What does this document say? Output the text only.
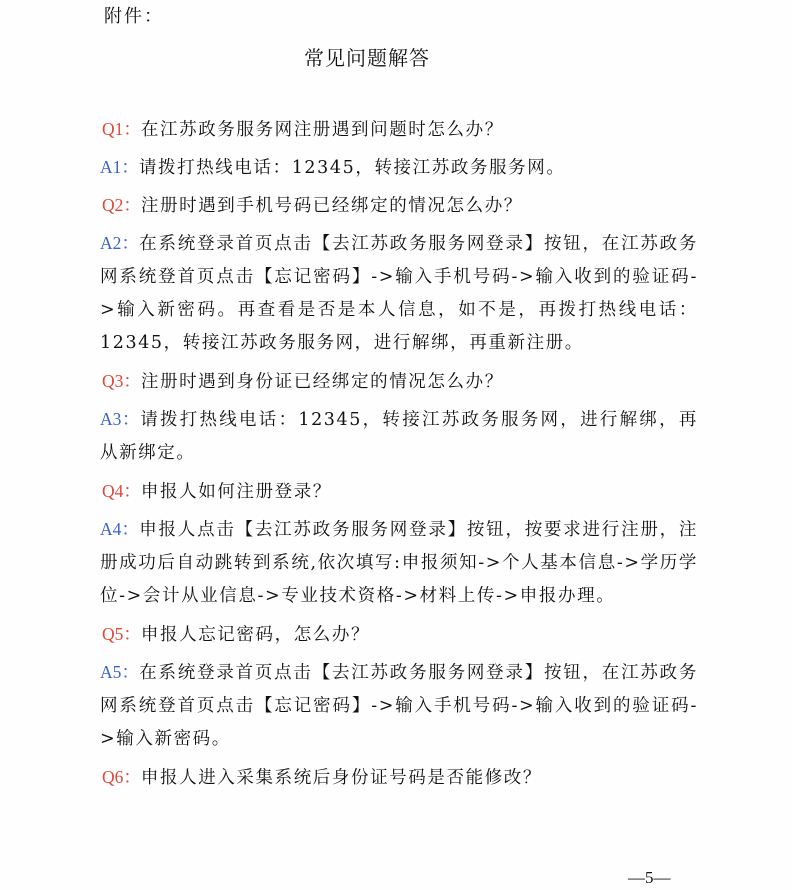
附件：
常见问题解答
Q1：在江苏政务服务网注册遇到问题时怎么办？
A1：请拨打热线电话：12345，转接江苏政务服务网。
Q2：注册时遇到手机号码已经绑定的情况怎么办？
A2：在系统登录首页点击【去江苏政务服务网登录】按钮，在江苏政务网系统登首页点击【忘记密码】->输入手机号码->输入收到的验证码->输入新密码。再查看是否是本人信息，如不是，再拨打热线电话：12345，转接江苏政务服务网，进行解绑，再重新注册。
Q3：注册时遇到身份证已经绑定的情况怎么办？
A3：请拨打热线电话：12345，转接江苏政务服务网，进行解绑，再从新绑定。
Q4：申报人如何注册登录？
A4：申报人点击【去江苏政务服务网登录】按钮，按要求进行注册，注册成功后自动跳转到系统,依次填写:申报须知->个人基本信息->学历学位->会计从业信息->专业技术资格->材料上传->申报办理。
Q5：申报人忘记密码，怎么办？
A5：在系统登录首页点击【去江苏政务服务网登录】按钮，在江苏政务网系统登首页点击【忘记密码】->输入手机号码->输入收到的验证码->输入新密码。
Q6：申报人进入采集系统后身份证号码是否能修改？
—5—
